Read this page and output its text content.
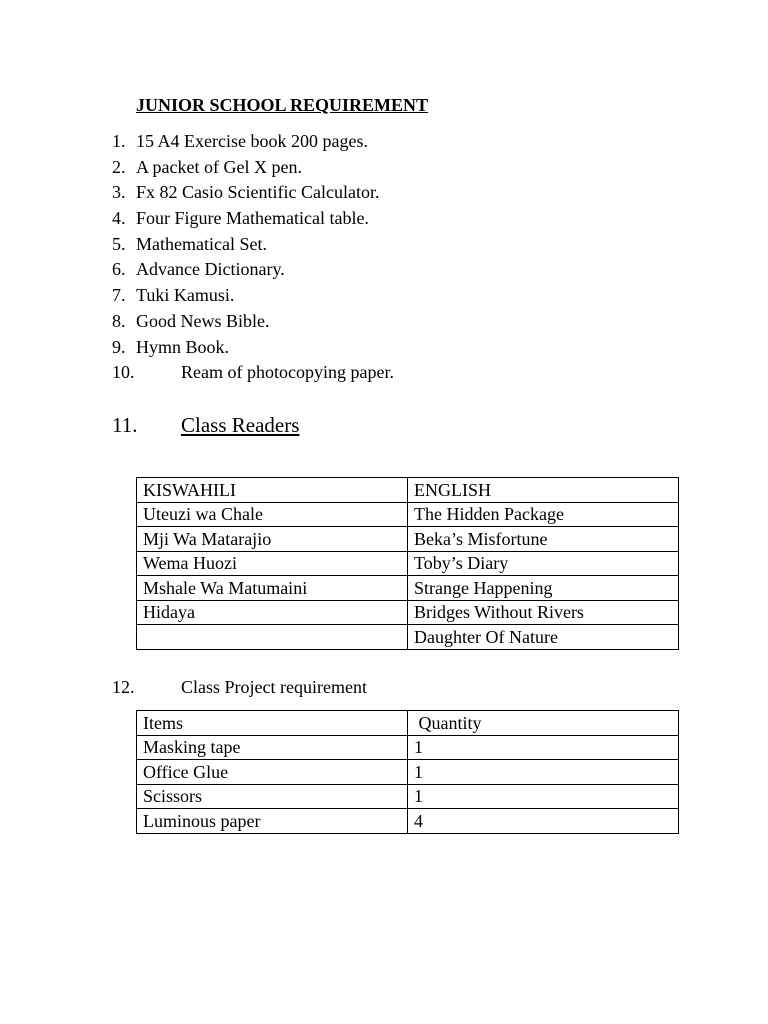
JUNIOR SCHOOL REQUIREMENT
1. 15 A4 Exercise book 200 pages.
2. A packet of Gel X pen.
3. Fx 82 Casio Scientific Calculator.
4. Four Figure Mathematical table.
5. Mathematical Set.
6. Advance Dictionary.
7. Tuki Kamusi.
8. Good News Bible.
9. Hymn Book.
10.	Ream of photocopying paper.
11. Class Readers
KISWAHILI	ENGLISH
Uteuzi wa Chale	The Hidden Package
Mji Wa Matarajio	Beka’s Misfortune
Wema Huozi	Toby’s Diary
Mshale Wa Matumaini	Strange Happening
Hidaya	Bridges Without Rivers
	Daughter Of Nature
12.	Class Project requirement
Items	Quantity
Masking tape	1
Office Glue	1
Scissors	1
Luminous paper	4
